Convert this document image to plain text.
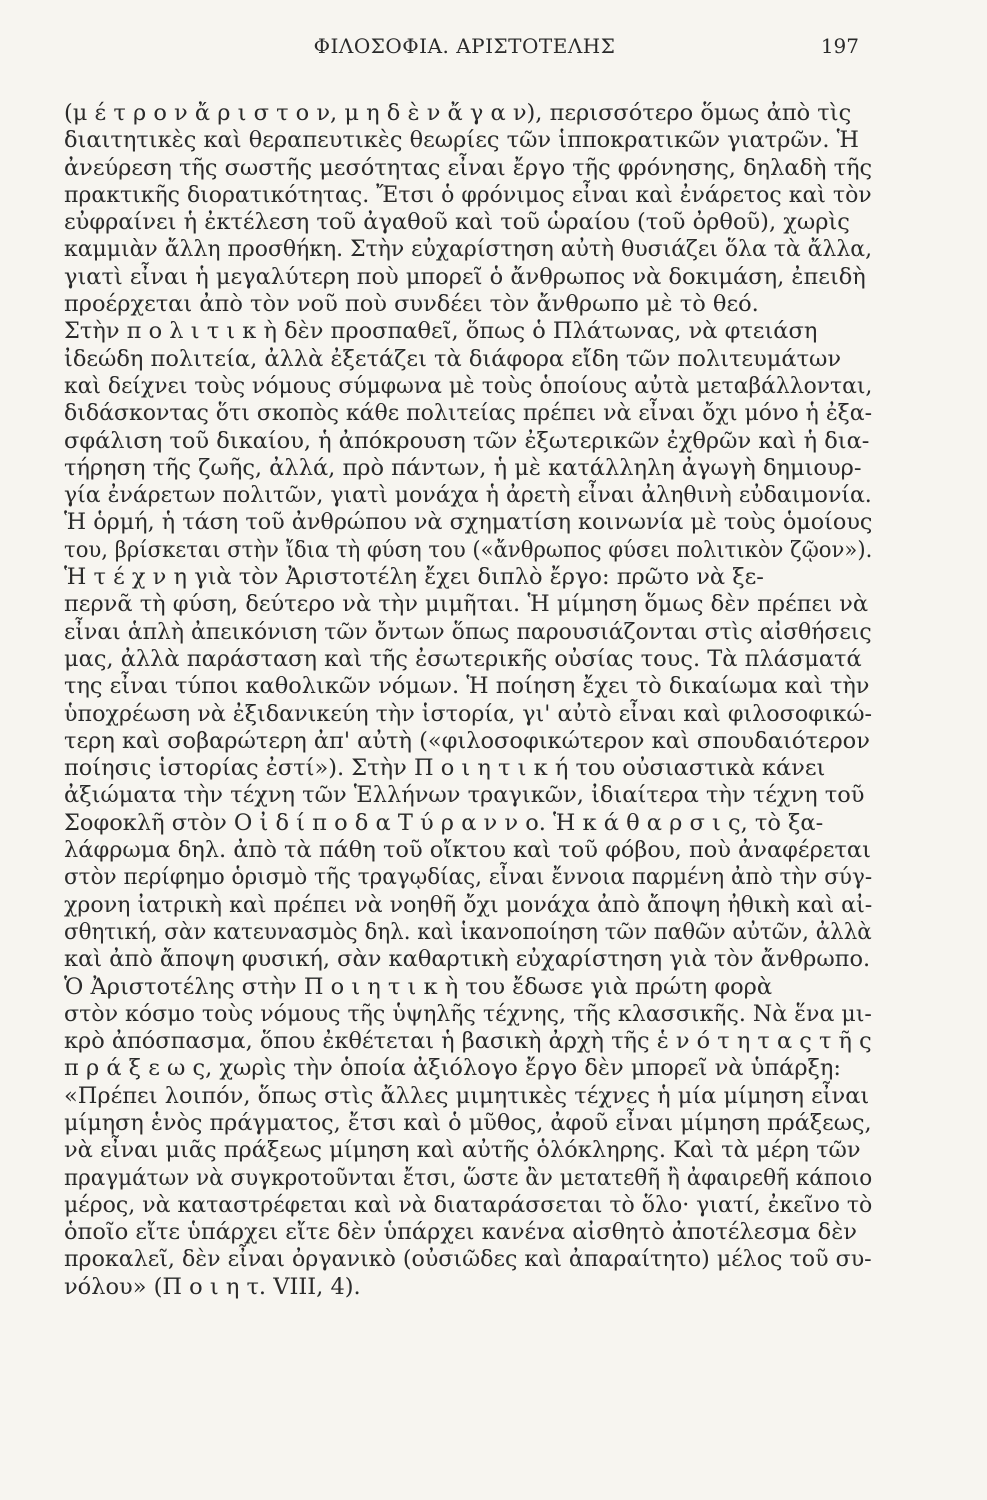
ΦΙΛΟΣΟΦΙΑ. ΑΡΙΣΤΟΤΕΛΗΣ	197
(μ έ τ ρ ο ν ἄ ρ ι σ τ ο ν, μ η δ ὲ ν ἄ γ α ν), περισσότερο ὅμως ἀπὸ τὶς
διαιτητικὲς καὶ θεραπευτικὲς θεωρίες τῶν ἱπποκρατικῶν γιατρῶν. Ἡ
ἀνεύρεση τῆς σωστῆς μεσότητας εἶναι ἔργο τῆς φρόνησης, δηλαδὴ τῆς
πρακτικῆς διορατικότητας. Ἔτσι ὁ φρόνιμος εἶναι καὶ ἐνάρετος καὶ τὸν
εὐφραίνει ἡ ἐκτέλεση τοῦ ἀγαθοῦ καὶ τοῦ ὡραίου (τοῦ ὀρθοῦ), χωρὶς
καμμιὰν ἄλλη προσθήκη. Στὴν εὐχαρίστηση αὐτὴ θυσιάζει ὅλα τὰ ἄλλα,
γιατὶ εἶναι ἡ μεγαλύτερη ποὺ μπορεῖ ὁ ἄνθρωπος νὰ δοκιμάση, ἐπειδὴ
προέρχεται ἀπὸ τὸν νοῦ ποὺ συνδέει τὸν ἄνθρωπο μὲ τὸ θεό.
Στὴν π ο λ ι τ ι κ ὴ δὲν προσπαθεῖ, ὅπως ὁ Πλάτωνας, νὰ φτειάση
ἰδεώδη πολιτεία, ἀλλὰ ἐξετάζει τὰ διάφορα εἴδη τῶν πολιτευμάτων
καὶ δείχνει τοὺς νόμους σύμφωνα μὲ τοὺς ὁποίους αὐτὰ μεταβάλλονται,
διδάσκοντας ὅτι σκοπὸς κάθε πολιτείας πρέπει νὰ εἶναι ὄχι μόνο ἡ ἐξα-
σφάλιση τοῦ δικαίου, ἡ ἀπόκρουση τῶν ἐξωτερικῶν ἐχθρῶν καὶ ἡ δια-
τήρηση τῆς ζωῆς, ἀλλά, πρὸ πάντων, ἡ μὲ κατάλληλη ἀγωγὴ δημιουρ-
γία ἐνάρετων πολιτῶν, γιατὶ μονάχα ἡ ἀρετὴ εἶναι ἀληθινὴ εὐδαιμονία.
Ἡ ὁρμή, ἡ τάση τοῦ ἀνθρώπου νὰ σχηματίση κοινωνία μὲ τοὺς ὁμοίους
του, βρίσκεται στὴν ἴδια τὴ φύση του («ἄνθρωπος φύσει πολιτικὸν ζῷον»).
Ἡ τ έ χ ν η γιὰ τὸν Ἀριστοτέλη ἔχει διπλὸ ἔργο: πρῶτο νὰ ξε-
περνᾶ τὴ φύση, δεύτερο νὰ τὴν μιμῆται. Ἡ μίμηση ὅμως δὲν πρέπει νὰ
εἶναι ἁπλὴ ἀπεικόνιση τῶν ὄντων ὅπως παρουσιάζονται στὶς αἰσθήσεις
μας, ἀλλὰ παράσταση καὶ τῆς ἐσωτερικῆς οὐσίας τους. Τὰ πλάσματά
της εἶναι τύποι καθολικῶν νόμων. Ἡ ποίηση ἔχει τὸ δικαίωμα καὶ τὴν
ὑποχρέωση νὰ ἐξιδανικεύη τὴν ἱστορία, γι' αὐτὸ εἶναι καὶ φιλοσοφικώ-
τερη καὶ σοβαρώτερη ἀπ' αὐτὴ («φιλοσοφικώτερον καὶ σπουδαιότερον
ποίησις ἱστορίας ἐστί»). Στὴν Π ο ι η τ ι κ ή του οὐσιαστικὰ κάνει
ἀξιώματα τὴν τέχνη τῶν Ἑλλήνων τραγικῶν, ἰδιαίτερα τὴν τέχνη τοῦ
Σοφοκλῆ στὸν Ο ἰ δ ί π ο δ α Τ ύ ρ α ν ν ο. Ἡ κ ά θ α ρ σ ι ς, τὸ ξα-
λάφρωμα δηλ. ἀπὸ τὰ πάθη τοῦ οἴκτου καὶ τοῦ φόβου, ποὺ ἀναφέρεται
στὸν περίφημο ὁρισμὸ τῆς τραγῳδίας, εἶναι ἔννοια παρμένη ἀπὸ τὴν σύγ-
χρονη ἰατρικὴ καὶ πρέπει νὰ νοηθῆ ὄχι μονάχα ἀπὸ ἄποψη ἠθικὴ καὶ αἰ-
σθητική, σὰν κατευνασμὸς δηλ. καὶ ἱκανοποίηση τῶν παθῶν αὐτῶν, ἀλλὰ
καὶ ἀπὸ ἄποψη φυσική, σὰν καθαρτικὴ εὐχαρίστηση γιὰ τὸν ἄνθρωπο.
Ὁ Ἀριστοτέλης στὴν Π ο ι η τ ι κ ὴ του ἔδωσε γιὰ πρώτη φορὰ
στὸν κόσμο τοὺς νόμους τῆς ὑψηλῆς τέχνης, τῆς κλασσικῆς. Νὰ ἕνα μι-
κρὸ ἀπόσπασμα, ὅπου ἐκθέτεται ἡ βασικὴ ἀρχὴ τῆς ἑ ν ό τ η τ α ς τ ῆ ς
π ρ ά ξ ε ω ς, χωρὶς τὴν ὁποία ἀξιόλογο ἔργο δὲν μπορεῖ νὰ ὑπάρξη:
«Πρέπει λοιπόν, ὅπως στὶς ἄλλες μιμητικὲς τέχνες ἡ μία μίμηση εἶναι
μίμηση ἑνὸς πράγματος, ἔτσι καὶ ὁ μῦθος, ἀφοῦ εἶναι μίμηση πράξεως,
νὰ εἶναι μιᾶς πράξεως μίμηση καὶ αὐτῆς ὁλόκληρης. Καὶ τὰ μέρη τῶν
πραγμάτων νὰ συγκροτοῦνται ἔτσι, ὥστε ἂν μετατεθῆ ἢ ἀφαιρεθῆ κάποιο
μέρος, νὰ καταστρέφεται καὶ νὰ διαταράσσεται τὸ ὅλο· γιατί, ἐκεῖνο τὸ
ὁποῖο εἴτε ὑπάρχει εἴτε δὲν ὑπάρχει κανένα αἰσθητὸ ἀποτέλεσμα δὲν
προκαλεῖ, δὲν εἶναι ὀργανικὸ (οὐσιῶδες καὶ ἀπαραίτητο) μέλος τοῦ συ-
νόλου» (Π ο ι η τ. VIII, 4).
